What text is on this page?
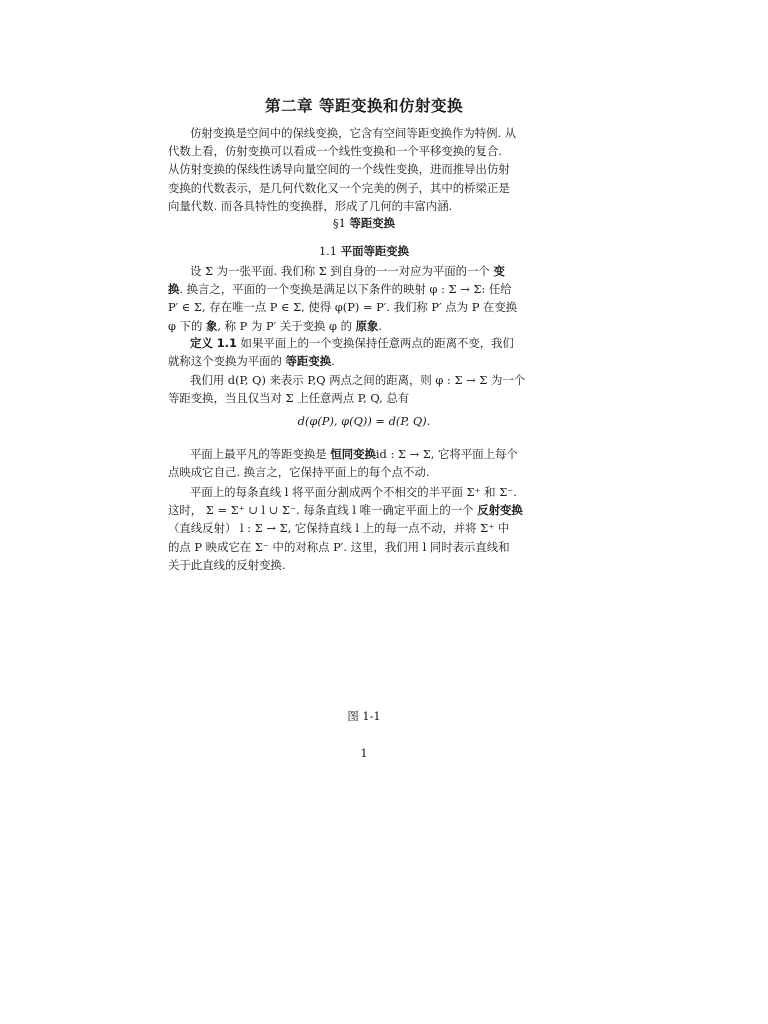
第二章 等距变换和仿射变换

仿射变换是空间中的保线变换，它含有空间等距变换作为特例. 从

代数上看，仿射变换可以看成一个线性变换和一个平移变换的复合.

从仿射变换的保线性诱导向量空间的一个线性变换，进而推导出仿射

变换的代数表示，是几何代数化又一个完美的例子，其中的桥梁正是

向量代数. 而各具特性的变换群，形成了几何的丰富内涵.

§1 等距变换
1.1 平面等距变换

设 Σ 为一张平面. 我们称 Σ 到自身的一一对应为平面的一个 变

换. 换言之，平面的一个变换是满足以下条件的映射 φ : Σ → Σ: 任给

P′ ∈ Σ, 存在唯一点 P ∈ Σ, 使得 φ(P) = P′. 我们称 P′ 点为 P 在变换

φ 下的 象, 称 P 为 P′ 关于变换 φ 的 原象.

定义 1.1 如果平面上的一个变换保持任意两点的距离不变，我们

就称这个变换为平面的 等距变换.

我们用 d(P, Q) 来表示 P,Q 两点之间的距离，则 φ : Σ → Σ 为一个

等距变换，当且仅当对 Σ 上任意两点 P, Q, 总有

d(φ(P), φ(Q)) = d(P, Q).

平面上最平凡的等距变换是 恒同变换id : Σ → Σ, 它将平面上每个

点映成它自己. 换言之，它保持平面上的每个点不动.

平面上的每条直线 l 将平面分割成两个不相交的半平面 Σ⁺ 和 Σ⁻.

这时， Σ = Σ⁺ ∪ l ∪ Σ⁻. 每条直线 l 唯一确定平面上的一个 反射变换

（直线反射） l : Σ → Σ, 它保持直线 l 上的每一点不动，并将 Σ⁺ 中

的点 P 映成它在 Σ⁻ 中的对称点 P′. 这里，我们用 l 同时表示直线和

关于此直线的反射变换.

图 1-1
1
